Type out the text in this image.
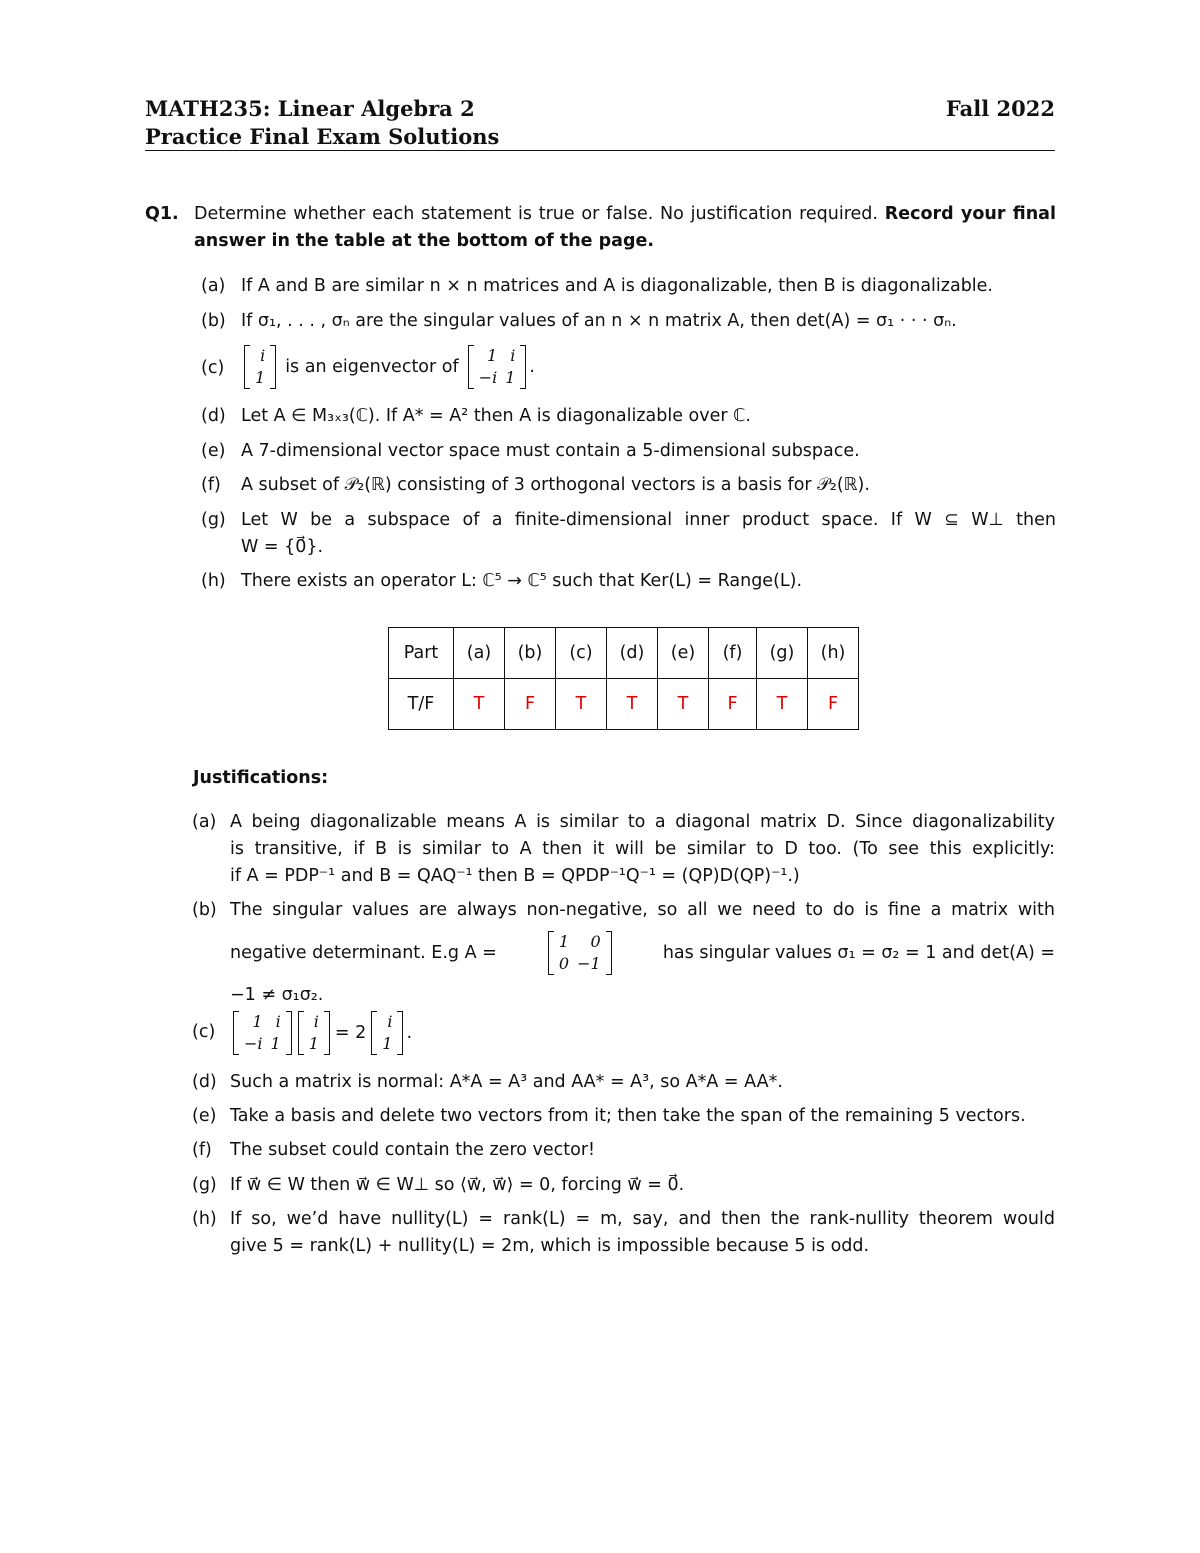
MATH235: Linear Algebra 2	Fall 2022
Practice Final Exam Solutions
Q1. Determine whether each statement is true or false. No justification required. Record your final answer in the table at the bottom of the page.
(a) If A and B are similar n × n matrices and A is diagonalizable, then B is diagonalizable.
(b) If σ₁, . . . , σₙ are the singular values of an n × n matrix A, then det(A) = σ₁ · · · σₙ.
(c)
i
1
is an eigenvector of
1	i
−i	1
.
(d) Let A ∈ M₃ₓ₃(ℂ). If A* = A² then A is diagonalizable over ℂ.
(e) A 7-dimensional vector space must contain a 5-dimensional subspace.
(f)	A subset of 𝒫₂(ℝ) consisting of 3 orthogonal vectors is a basis for 𝒫₂(ℝ).
(g) Let W be a subspace of a finite-dimensional inner product space. If W ⊆ W⊥ then
W = {0⃗}.
(h) There exists an operator L: ℂ⁵ → ℂ⁵ such that Ker(L) = Range(L).
Part	(a)	(b)	(c)	(d)	(e)	(f)	(g)	(h)
T/F	T	F	T	T	T	F	T	F
Justifications:
(a) A being diagonalizable means A is similar to a diagonal matrix D. Since diagonalizability
is transitive, if B is similar to A then it will be similar to D too. (To see this explicitly:
if A = PDP⁻¹ and B = QAQ⁻¹ then B = QPDP⁻¹Q⁻¹ = (QP)D(QP)⁻¹.)
(b) The singular values are always non-negative, so all we need to do is fine a matrix with
negative determinant. E.g A =
1	0
0	−1
has singular values σ₁ = σ₂ = 1 and det(A) =
−1 ≠ σ₁σ₂.
(c)
1	i
−i	1
i
1
= 2
i
1
.
(d) Such a matrix is normal: A*A = A³ and AA* = A³, so A*A = AA*.
(e) Take a basis and delete two vectors from it; then take the span of the remaining 5 vectors.
(f)	The subset could contain the zero vector!
(g) If w⃗ ∈ W then w⃗ ∈ W⊥ so ⟨w⃗, w⃗⟩ = 0, forcing w⃗ = 0⃗.
(h) If so, we’d have nullity(L) = rank(L) = m, say, and then the rank-nullity theorem would
give 5 = rank(L) + nullity(L) = 2m, which is impossible because 5 is odd.
